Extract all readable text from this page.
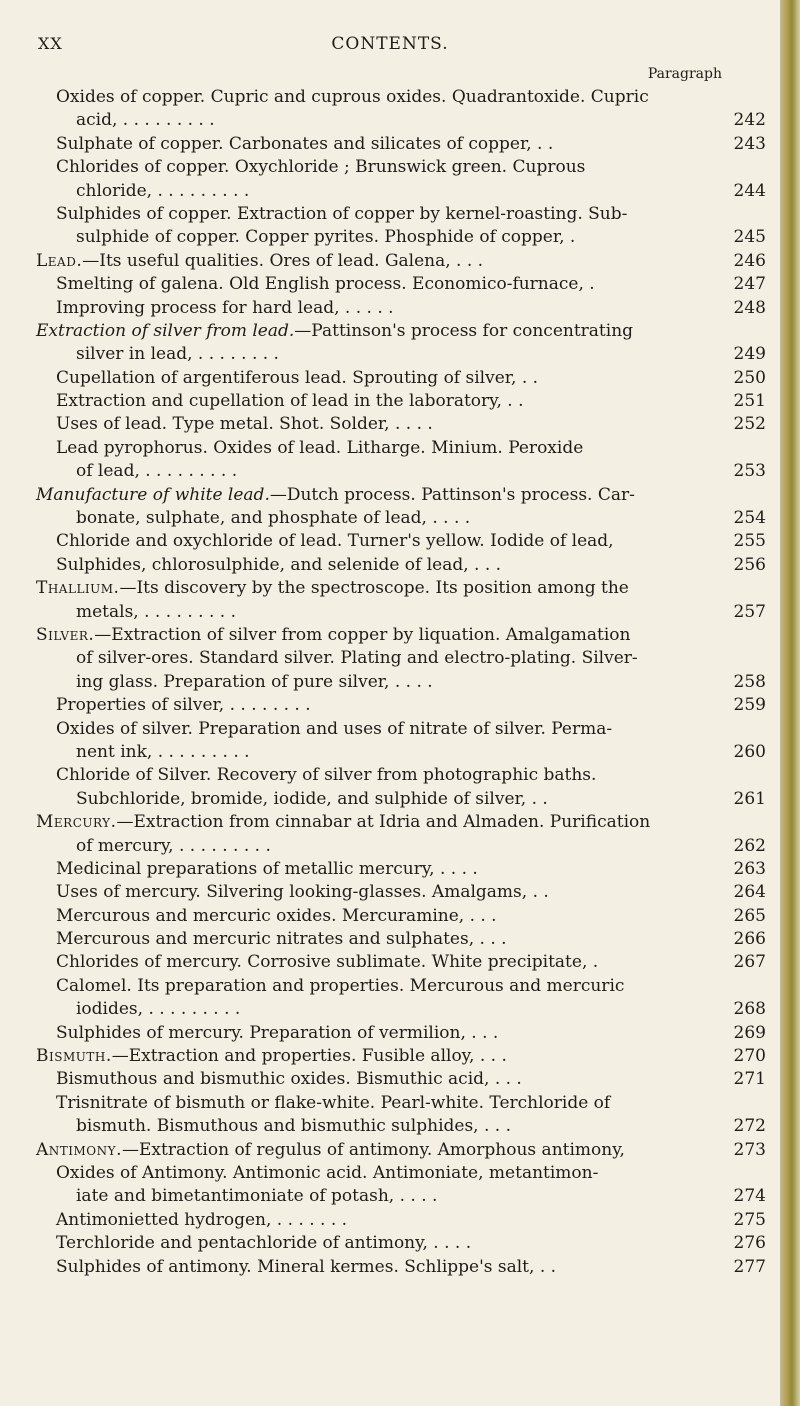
XX	CONTENTS.
Paragraph
Oxides of copper. Cupric and cuprous oxides. Quadrantoxide. Cupric
acid, . . . . . . . . .	242
Sulphate of copper. Carbonates and silicates of copper, . .	243
Chlorides of copper. Oxychloride ; Brunswick green. Cuprous
chloride, . . . . . . . . .	244
Sulphides of copper. Extraction of copper by kernel-roasting. Sub-
sulphide of copper. Copper pyrites. Phosphide of copper, .	245
Lead.—Its useful qualities. Ores of lead. Galena, . . .	246
Smelting of galena. Old English process. Economico-furnace, .	247
Improving process for hard lead, . . . . .	248
Extraction of silver from lead.—Pattinson's process for concentrating
silver in lead, . . . . . . . .	249
Cupellation of argentiferous lead. Sprouting of silver, . .	250
Extraction and cupellation of lead in the laboratory, . .	251
Uses of lead. Type metal. Shot. Solder, . . . .	252
Lead pyrophorus. Oxides of lead. Litharge. Minium. Peroxide
of lead, . . . . . . . . .	253
Manufacture of white lead.—Dutch process. Pattinson's process. Car-
bonate, sulphate, and phosphate of lead, . . . .	254
Chloride and oxychloride of lead. Turner's yellow. Iodide of lead,	255
Sulphides, chlorosulphide, and selenide of lead, . . .	256
Thallium.—Its discovery by the spectroscope. Its position among the
metals, . . . . . . . . .	257
Silver.—Extraction of silver from copper by liquation. Amalgamation
of silver-ores. Standard silver. Plating and electro-plating. Silver-
ing glass. Preparation of pure silver, . . . .	258
Properties of silver, . . . . . . . .	259
Oxides of silver. Preparation and uses of nitrate of silver. Perma-
nent ink, . . . . . . . . .	260
Chloride of Silver. Recovery of silver from photographic baths.
Subchloride, bromide, iodide, and sulphide of silver, . .	261
Mercury.—Extraction from cinnabar at Idria and Almaden. Purification
of mercury, . . . . . . . . .	262
Medicinal preparations of metallic mercury, . . . .	263
Uses of mercury. Silvering looking-glasses. Amalgams, . .	264
Mercurous and mercuric oxides. Mercuramine, . . .	265
Mercurous and mercuric nitrates and sulphates, . . .	266
Chlorides of mercury. Corrosive sublimate. White precipitate, .	267
Calomel. Its preparation and properties. Mercurous and mercuric
iodides, . . . . . . . . .	268
Sulphides of mercury. Preparation of vermilion, . . .	269
Bismuth.—Extraction and properties. Fusible alloy, . . .	270
Bismuthous and bismuthic oxides. Bismuthic acid, . . .	271
Trisnitrate of bismuth or flake-white. Pearl-white. Terchloride of
bismuth. Bismuthous and bismuthic sulphides, . . .	272
Antimony.—Extraction of regulus of antimony. Amorphous antimony,	273
Oxides of Antimony. Antimonic acid. Antimoniate, metantimon-
iate and bimetantimoniate of potash, . . . .	274
Antimonietted hydrogen, . . . . . . .	275
Terchloride and pentachloride of antimony, . . . .	276
Sulphides of antimony. Mineral kermes. Schlippe's salt, . .	277
